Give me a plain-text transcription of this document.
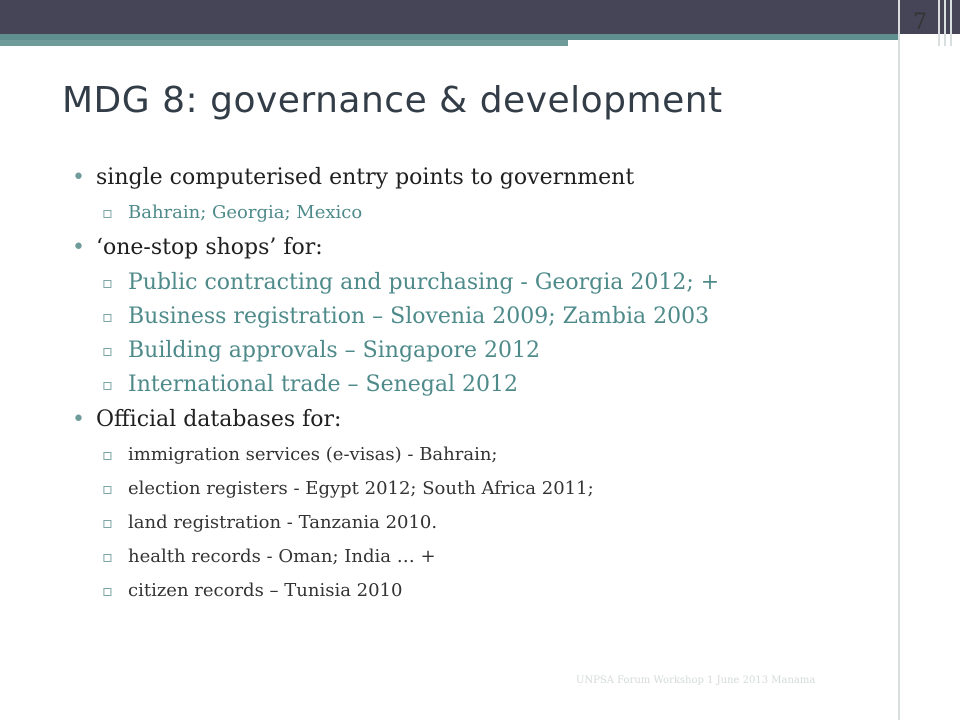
7
MDG 8: governance & development

• single computerised entry points to government

▫ Bahrain; Georgia; Mexico

• ‘one-stop shops’ for:

▫ Public contracting and purchasing - Georgia 2012; +

▫ Business registration – Slovenia 2009; Zambia 2003

▫ Building approvals – Singapore 2012

▫ International trade – Senegal 2012

• Official databases for:

▫ immigration services (e-visas) - Bahrain;

▫ election registers - Egypt 2012; South Africa 2011;

▫ land registration - Tanzania 2010.

▫ health records - Oman; India … +

▫ citizen records – Tunisia 2010

UNPSA Forum Workshop 1 June 2013 Manama
